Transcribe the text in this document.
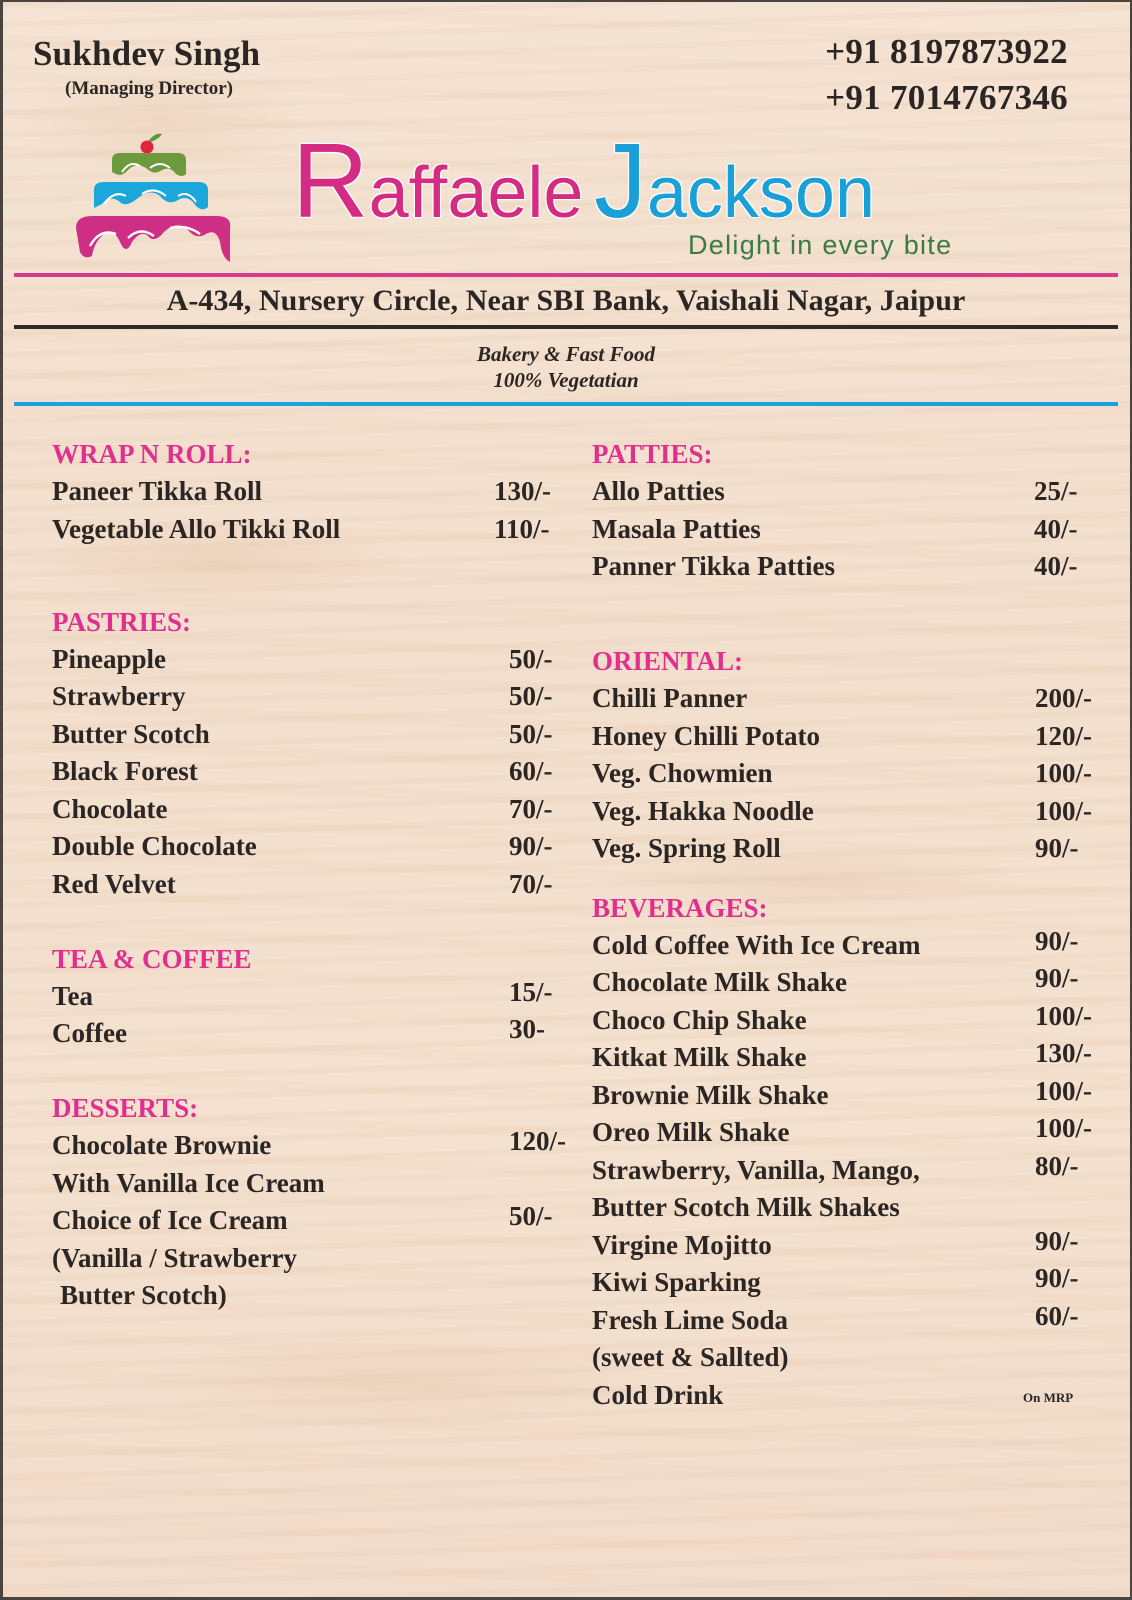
Sukhdev Singh
(Managing Director)
+91 8197873922
+91 7014767346
Raffaele Jackson
Delight in every bite
A-434, Nursery Circle, Near SBI Bank, Vaishali Nagar, Jaipur
Bakery & Fast Food
100% Vegetatian
WRAP N ROLL:
Paneer Tikka Roll	130/-
Vegetable Allo Tikki Roll	110/-
PASTRIES:
Pineapple	50/-
Strawberry	50/-
Butter Scotch	50/-
Black Forest	60/-
Chocolate	70/-
Double Chocolate	90/-
Red Velvet	70/-
TEA & COFFEE
Tea	15/-
Coffee	30-
DESSERTS:
Chocolate Brownie	120/-
With Vanilla Ice Cream
Choice of Ice Cream	50/-
(Vanilla / Strawberry
Butter Scotch)
PATTIES:
Allo Patties	25/-
Masala Patties	40/-
Panner Tikka Patties	40/-
ORIENTAL:
Chilli Panner	200/-
Honey Chilli Potato	120/-
Veg. Chowmien	100/-
Veg. Hakka Noodle	100/-
Veg. Spring Roll	90/-
BEVERAGES:
Cold Coffee With Ice Cream	90/-
Chocolate Milk Shake	90/-
Choco Chip Shake	100/-
Kitkat Milk Shake	130/-
Brownie Milk Shake	100/-
Oreo Milk Shake	100/-
Strawberry, Vanilla, Mango,	80/-
Butter Scotch Milk Shakes
Virgine Mojitto	90/-
Kiwi Sparking	90/-
Fresh Lime Soda	60/-
(sweet & Sallted)
Cold Drink	On MRP
